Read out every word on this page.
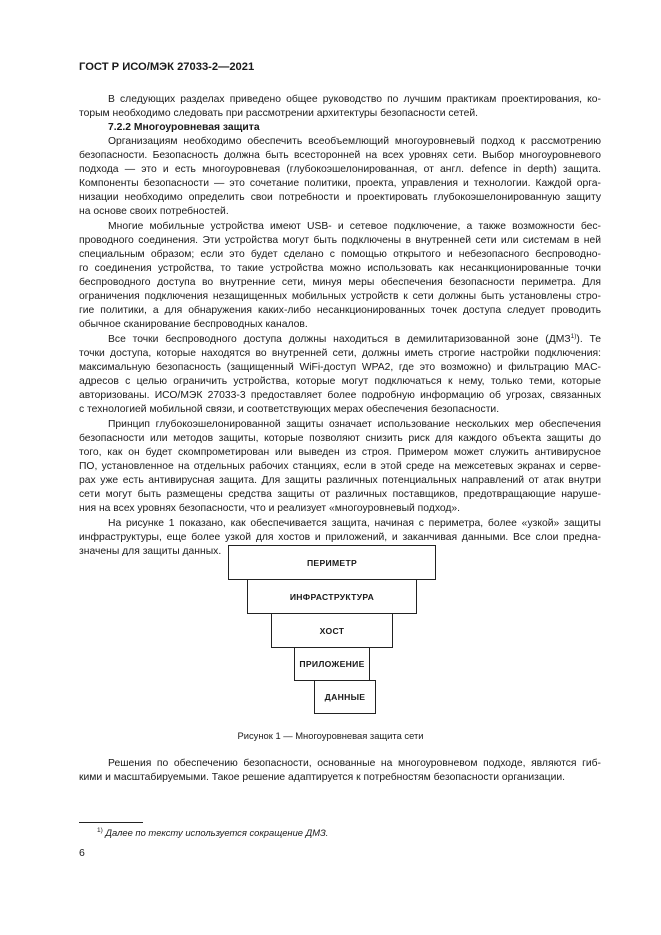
ГОСТ Р ИСО/МЭК 27033-2—2021
В следующих разделах приведено общее руководство по лучшим практикам проектирования, ко-
торым необходимо следовать при рассмотрении архитектуры безопасности сетей.
7.2.2 Многоуровневая защита
Организациям необходимо обеспечить всеобъемлющий многоуровневый подход к рассмотрению
безопасности. Безопасность должна быть всесторонней на всех уровнях сети. Выбор многоуровневого
подхода — это и есть многоуровневая (глубокоэшелонированная, от англ. defence in depth) защита.
Компоненты безопасности — это сочетание политики, проекта, управления и технологии. Каждой орга-
низации необходимо определить свои потребности и проектировать глубокоэшелонированную защиту
на основе своих потребностей.
Многие мобильные устройства имеют USB- и сетевое подключение, а также возможности бес-
проводного соединения. Эти устройства могут быть подключены в внутренней сети или системам в ней
специальным образом; если это будет сделано с помощью открытого и небезопасного беспроводно-
го соединения устройства, то такие устройства можно использовать как несанкционированные точки
беспроводного доступа во внутренние сети, минуя меры обеспечения безопасности периметра. Для
ограничения подключения незащищенных мобильных устройств к сети должны быть установлены стро-
гие политики, а для обнаружения каких-либо несанкционированных точек доступа следует проводить
обычное сканирование беспроводных каналов.
Все точки беспроводного доступа должны находиться в демилитаризованной зоне (ДМЗ$^{1)}$). Те
точки доступа, которые находятся во внутренней сети, должны иметь строгие настройки подключения:
максимальную безопасность (защищенный WiFi-доступ WPA2, где это возможно) и фильтрацию MAC-
адресов с целью ограничить устройства, которые могут подключаться к нему, только теми, которые
авторизованы. ИСО/МЭК 27033-3 предоставляет более подробную информацию об угрозах, связанных
с технологией мобильной связи, и соответствующих мерах обеспечения безопасности.
Принцип глубокоэшелонированной защиты означает использование нескольких мер обеспечения
безопасности или методов защиты, которые позволяют снизить риск для каждого объекта защиты до
того, как он будет скомпрометирован или выведен из строя. Примером может служить антивирусное
ПО, установленное на отдельных рабочих станциях, если в этой среде на межсетевых экранах и серве-
рах уже есть антивирусная защита. Для защиты различных потенциальных направлений от атак внутри
сети могут быть размещены средства защиты от различных поставщиков, предотвращающие наруше-
ния на всех уровнях безопасности, что и реализует «многоуровневый подход».
На рисунке 1 показано, как обеспечивается защита, начиная с периметра, более «узкой» защиты
инфраструктуры, еще более узкой для хостов и приложений, и заканчивая данными. Все слои предна-
значены для защиты данных.
ПЕРИМЕТР
ИНФРАСТРУКТУРА
ХОСТ
ПРИЛОЖЕНИЕ
ДАННЫЕ
Рисунок 1 — Многоуровневая защита сети
Решения по обеспечению безопасности, основанные на многоуровневом подходе, являются гиб-
кими и масштабируемыми. Такое решение адаптируется к потребностям безопасности организации.
$^{1)}$ Далее по тексту используется сокращение ДМЗ.
6
